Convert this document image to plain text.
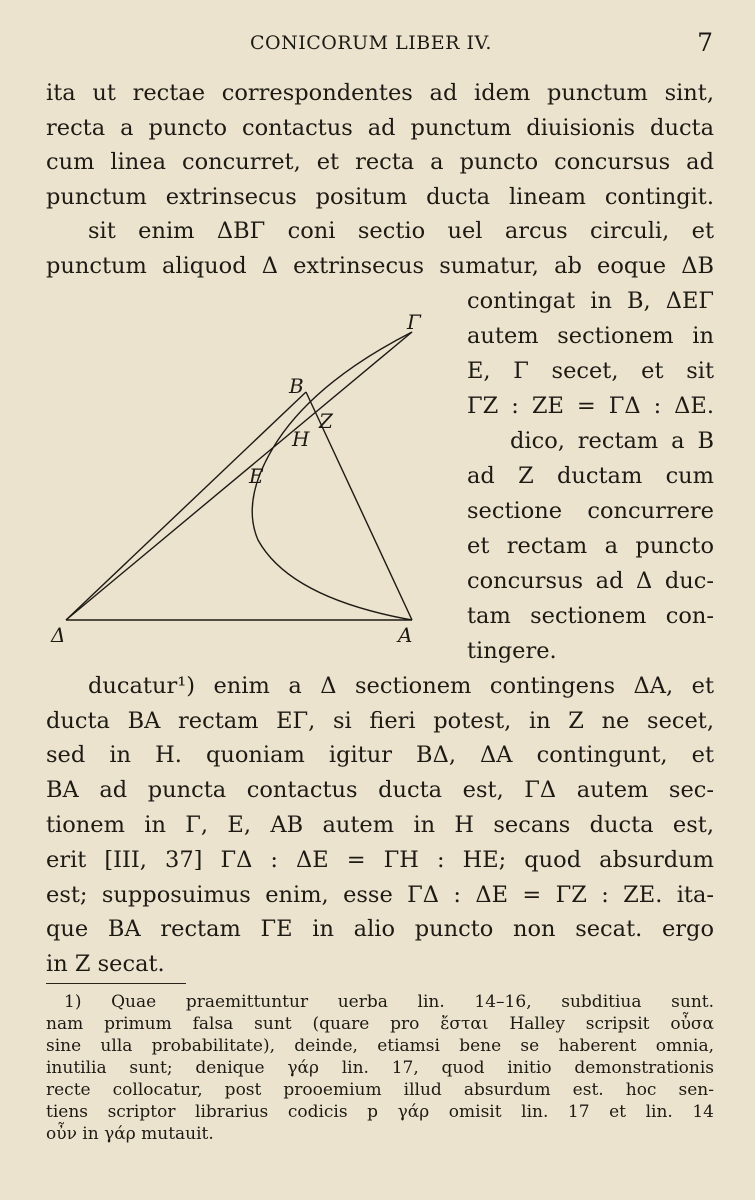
CONICORUM LIBER IV.	7
ita ut rectae correspondentes ad idem punctum sint,
recta a puncto contactus ad punctum diuisionis ducta
cum linea concurret, et recta a puncto concursus ad
punctum extrinsecus positum ducta lineam contingit.
sit enim ΔΒΓ coni sectio uel arcus circuli, et
punctum aliquod Δ extrinsecus sumatur, ab eoque ΔB
contingat in B, ΔEΓ
autem sectionem in
E, Γ secet, et sit
ΓZ : ZE = ΓΔ : ΔE.
dico, rectam a B
ad Z ductam cum
sectione concurrere
et rectam a puncto
concursus ad Δ duc-
tam sectionem con-
tingere.
Γ
B
Z
H
E
Δ	A
ducatur¹) enim a Δ sectionem contingens ΔA, et
ducta BA rectam EΓ, si fieri potest, in Z ne secet,
sed in H. quoniam igitur BΔ, ΔA contingunt, et
BA ad puncta contactus ducta est, ΓΔ autem sec-
tionem in Γ, E, AB autem in H secans ducta est,
erit [III, 37] ΓΔ : ΔE = ΓH : HE; quod absurdum
est; supposuimus enim, esse ΓΔ : ΔE = ΓZ : ZE. ita-
que BA rectam ΓE in alio puncto non secat. ergo
in Z secat.
1) Quae praemittuntur uerba lin. 14–16, subditiua sunt.
nam primum falsa sunt (quare pro ἔσται Halley scripsit οὖσα
sine ulla probabilitate), deinde, etiamsi bene se haberent omnia,
inutilia sunt; denique γάρ lin. 17, quod initio demonstrationis
recte collocatur, post prooemium illud absurdum est. hoc sen-
tiens scriptor librarius codicis p γάρ omisit lin. 17 et lin. 14
οὖν in γάρ mutauit.
